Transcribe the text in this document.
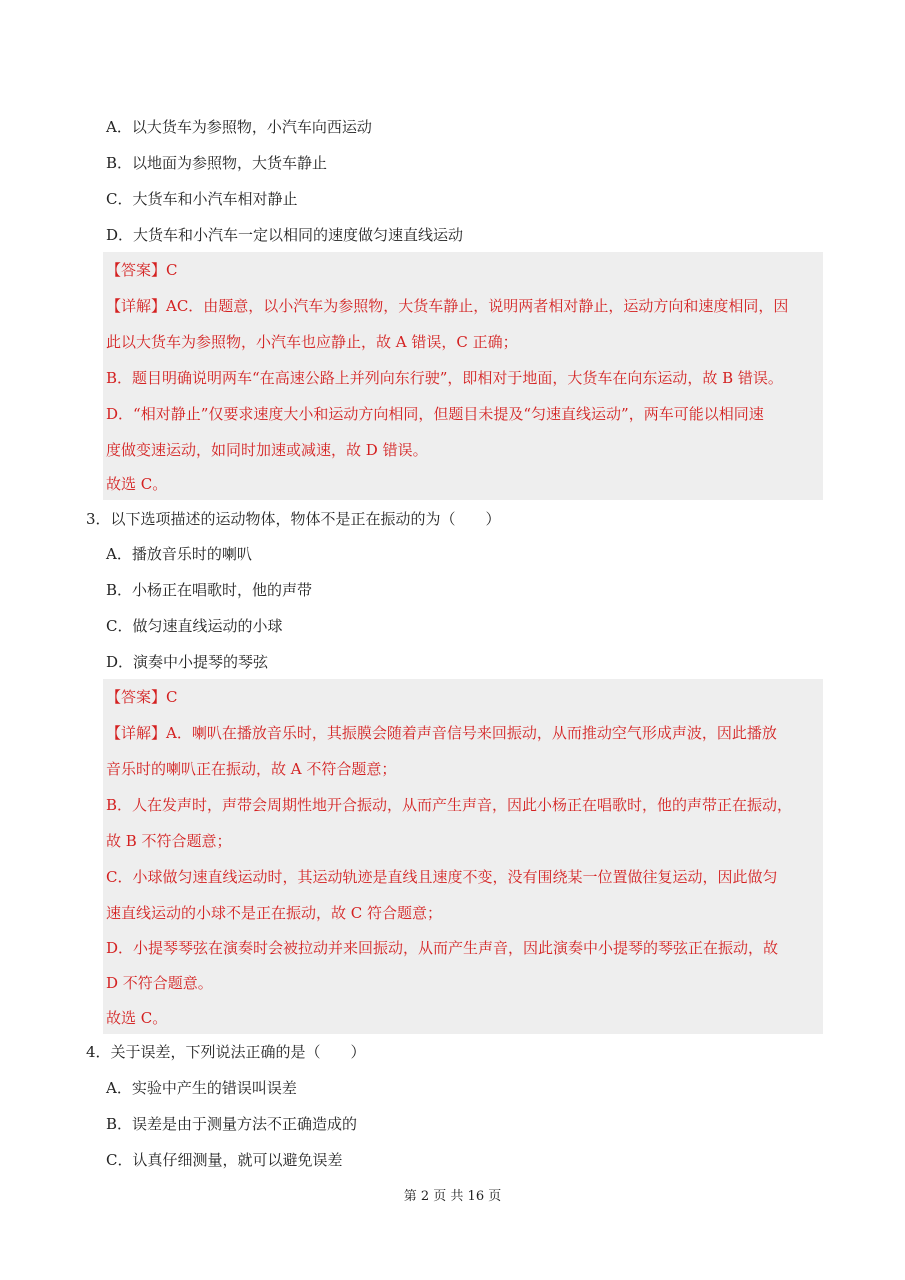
A．以大货车为参照物，小汽车向西运动
B．以地面为参照物，大货车静止
C．大货车和小汽车相对静止
D．大货车和小汽车一定以相同的速度做匀速直线运动
【答案】C
【详解】AC．由题意，以小汽车为参照物，大货车静止，说明两者相对静止，运动方向和速度相同，因
此以大货车为参照物，小汽车也应静止，故 A 错误，C 正确；
B．题目明确说明两车“在高速公路上并列向东行驶”，即相对于地面，大货车在向东运动，故 B 错误。
D．“相对静止”仅要求速度大小和运动方向相同，但题目未提及“匀速直线运动”，两车可能以相同速
度做变速运动，如同时加速或减速，故 D 错误。
故选 C。
3．以下选项描述的运动物体，物体不是正在振动的为（　　）
A．播放音乐时的喇叭
B．小杨正在唱歌时，他的声带
C．做匀速直线运动的小球
D．演奏中小提琴的琴弦
【答案】C
【详解】A．喇叭在播放音乐时，其振膜会随着声音信号来回振动，从而推动空气形成声波，因此播放
音乐时的喇叭正在振动，故 A 不符合题意；
B．人在发声时，声带会周期性地开合振动，从而产生声音，因此小杨正在唱歌时，他的声带正在振动，
故 B 不符合题意；
C．小球做匀速直线运动时，其运动轨迹是直线且速度不变，没有围绕某一位置做往复运动，因此做匀
速直线运动的小球不是正在振动，故 C 符合题意；
D．小提琴琴弦在演奏时会被拉动并来回振动，从而产生声音，因此演奏中小提琴的琴弦正在振动，故
D 不符合题意。
故选 C。
4．关于误差，下列说法正确的是（　　）
A．实验中产生的错误叫误差
B．误差是由于测量方法不正确造成的
C．认真仔细测量，就可以避免误差
第 2 页 共 16 页
